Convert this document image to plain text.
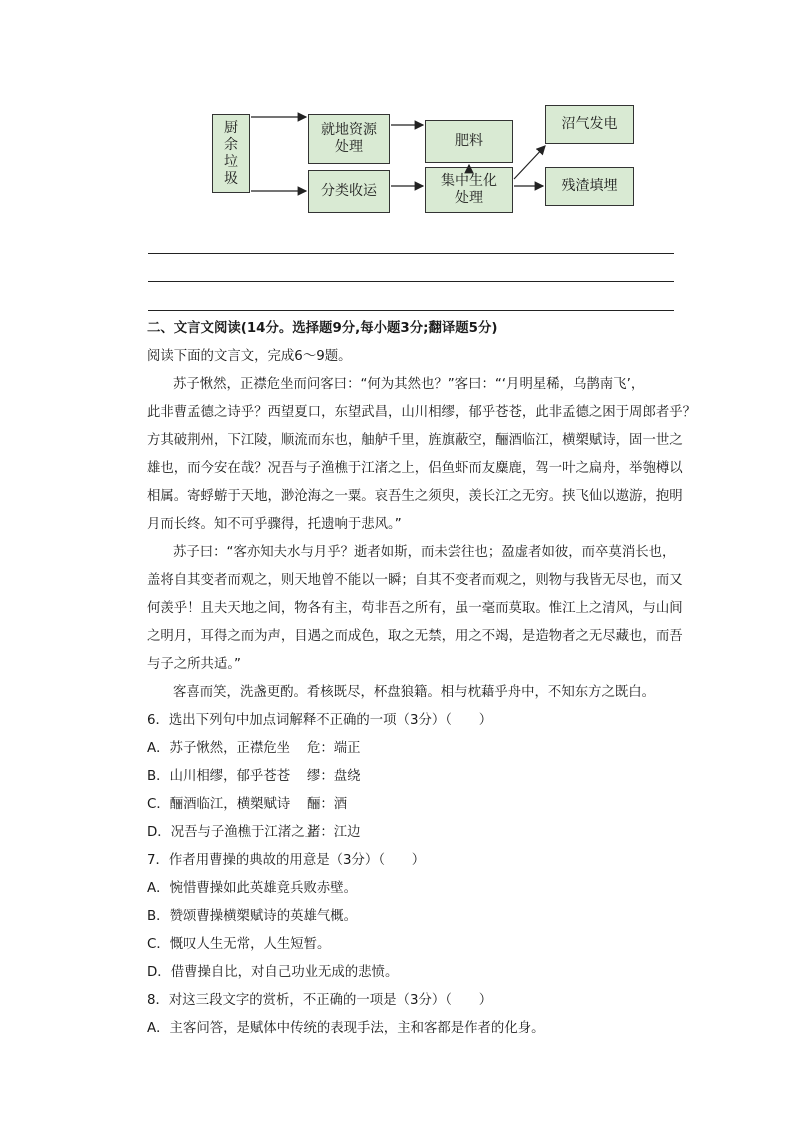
厨
余
垃
圾
就地资源
处理	肥料
沼气发电
分类收运
集中生化
处理
残渣填埋

二、文言文阅读(14分。选择题9分,每小题3分;翻译题5分)

阅读下面的文言文，完成6～9题。

苏子愀然，正襟危坐而问客曰：“何为其然也？”客曰：“‘月明星稀，乌鹊南飞’，

此非曹孟德之诗乎？西望夏口，东望武昌，山川相缪，郁乎苍苍，此非孟德之困于周郎者乎？

方其破荆州，下江陵，顺流而东也，舳舻千里，旌旗蔽空，酾酒临江，横槊赋诗，固一世之

雄也，而今安在哉？况吾与子渔樵于江渚之上，侣鱼虾而友麋鹿，驾一叶之扁舟，举匏樽以

相属。寄蜉蝣于天地，渺沧海之一粟。哀吾生之须臾，羡长江之无穷。挟飞仙以遨游，抱明

月而长终。知不可乎骤得，托遗响于悲风。”

苏子曰：“客亦知夫水与月乎？逝者如斯，而未尝往也；盈虚者如彼，而卒莫消长也，

盖将自其变者而观之，则天地曾不能以一瞬；自其不变者而观之，则物与我皆无尽也，而又

何羡乎！且夫天地之间，物各有主，苟非吾之所有，虽一毫而莫取。惟江上之清风，与山间

之明月，耳得之而为声，目遇之而成色，取之无禁，用之不竭，是造物者之无尽藏也，而吾

与子之所共适。”

客喜而笑，洗盏更酌。肴核既尽，杯盘狼籍。相与枕藉乎舟中，不知东方之既白。

6．选出下列句中加点词解释不正确的一项（3分）（　　）

A．苏子愀然，正襟危坐 危：端正

B．山川相缪，郁乎苍苍 缪：盘绕

C．酾酒临江，横槊赋诗 酾：酒

D．况吾与子渔樵于江渚之上渚：江边

7．作者用曹操的典故的用意是（3分）（　　）

A．惋惜曹操如此英雄竟兵败赤壁。

B．赞颂曹操横槊赋诗的英雄气概。

C．慨叹人生无常，人生短暂。

D．借曹操自比，对自己功业无成的悲愤。

8．对这三段文字的赏析，不正确的一项是（3分）（　　）

A．主客问答，是赋体中传统的表现手法，主和客都是作者的化身。
